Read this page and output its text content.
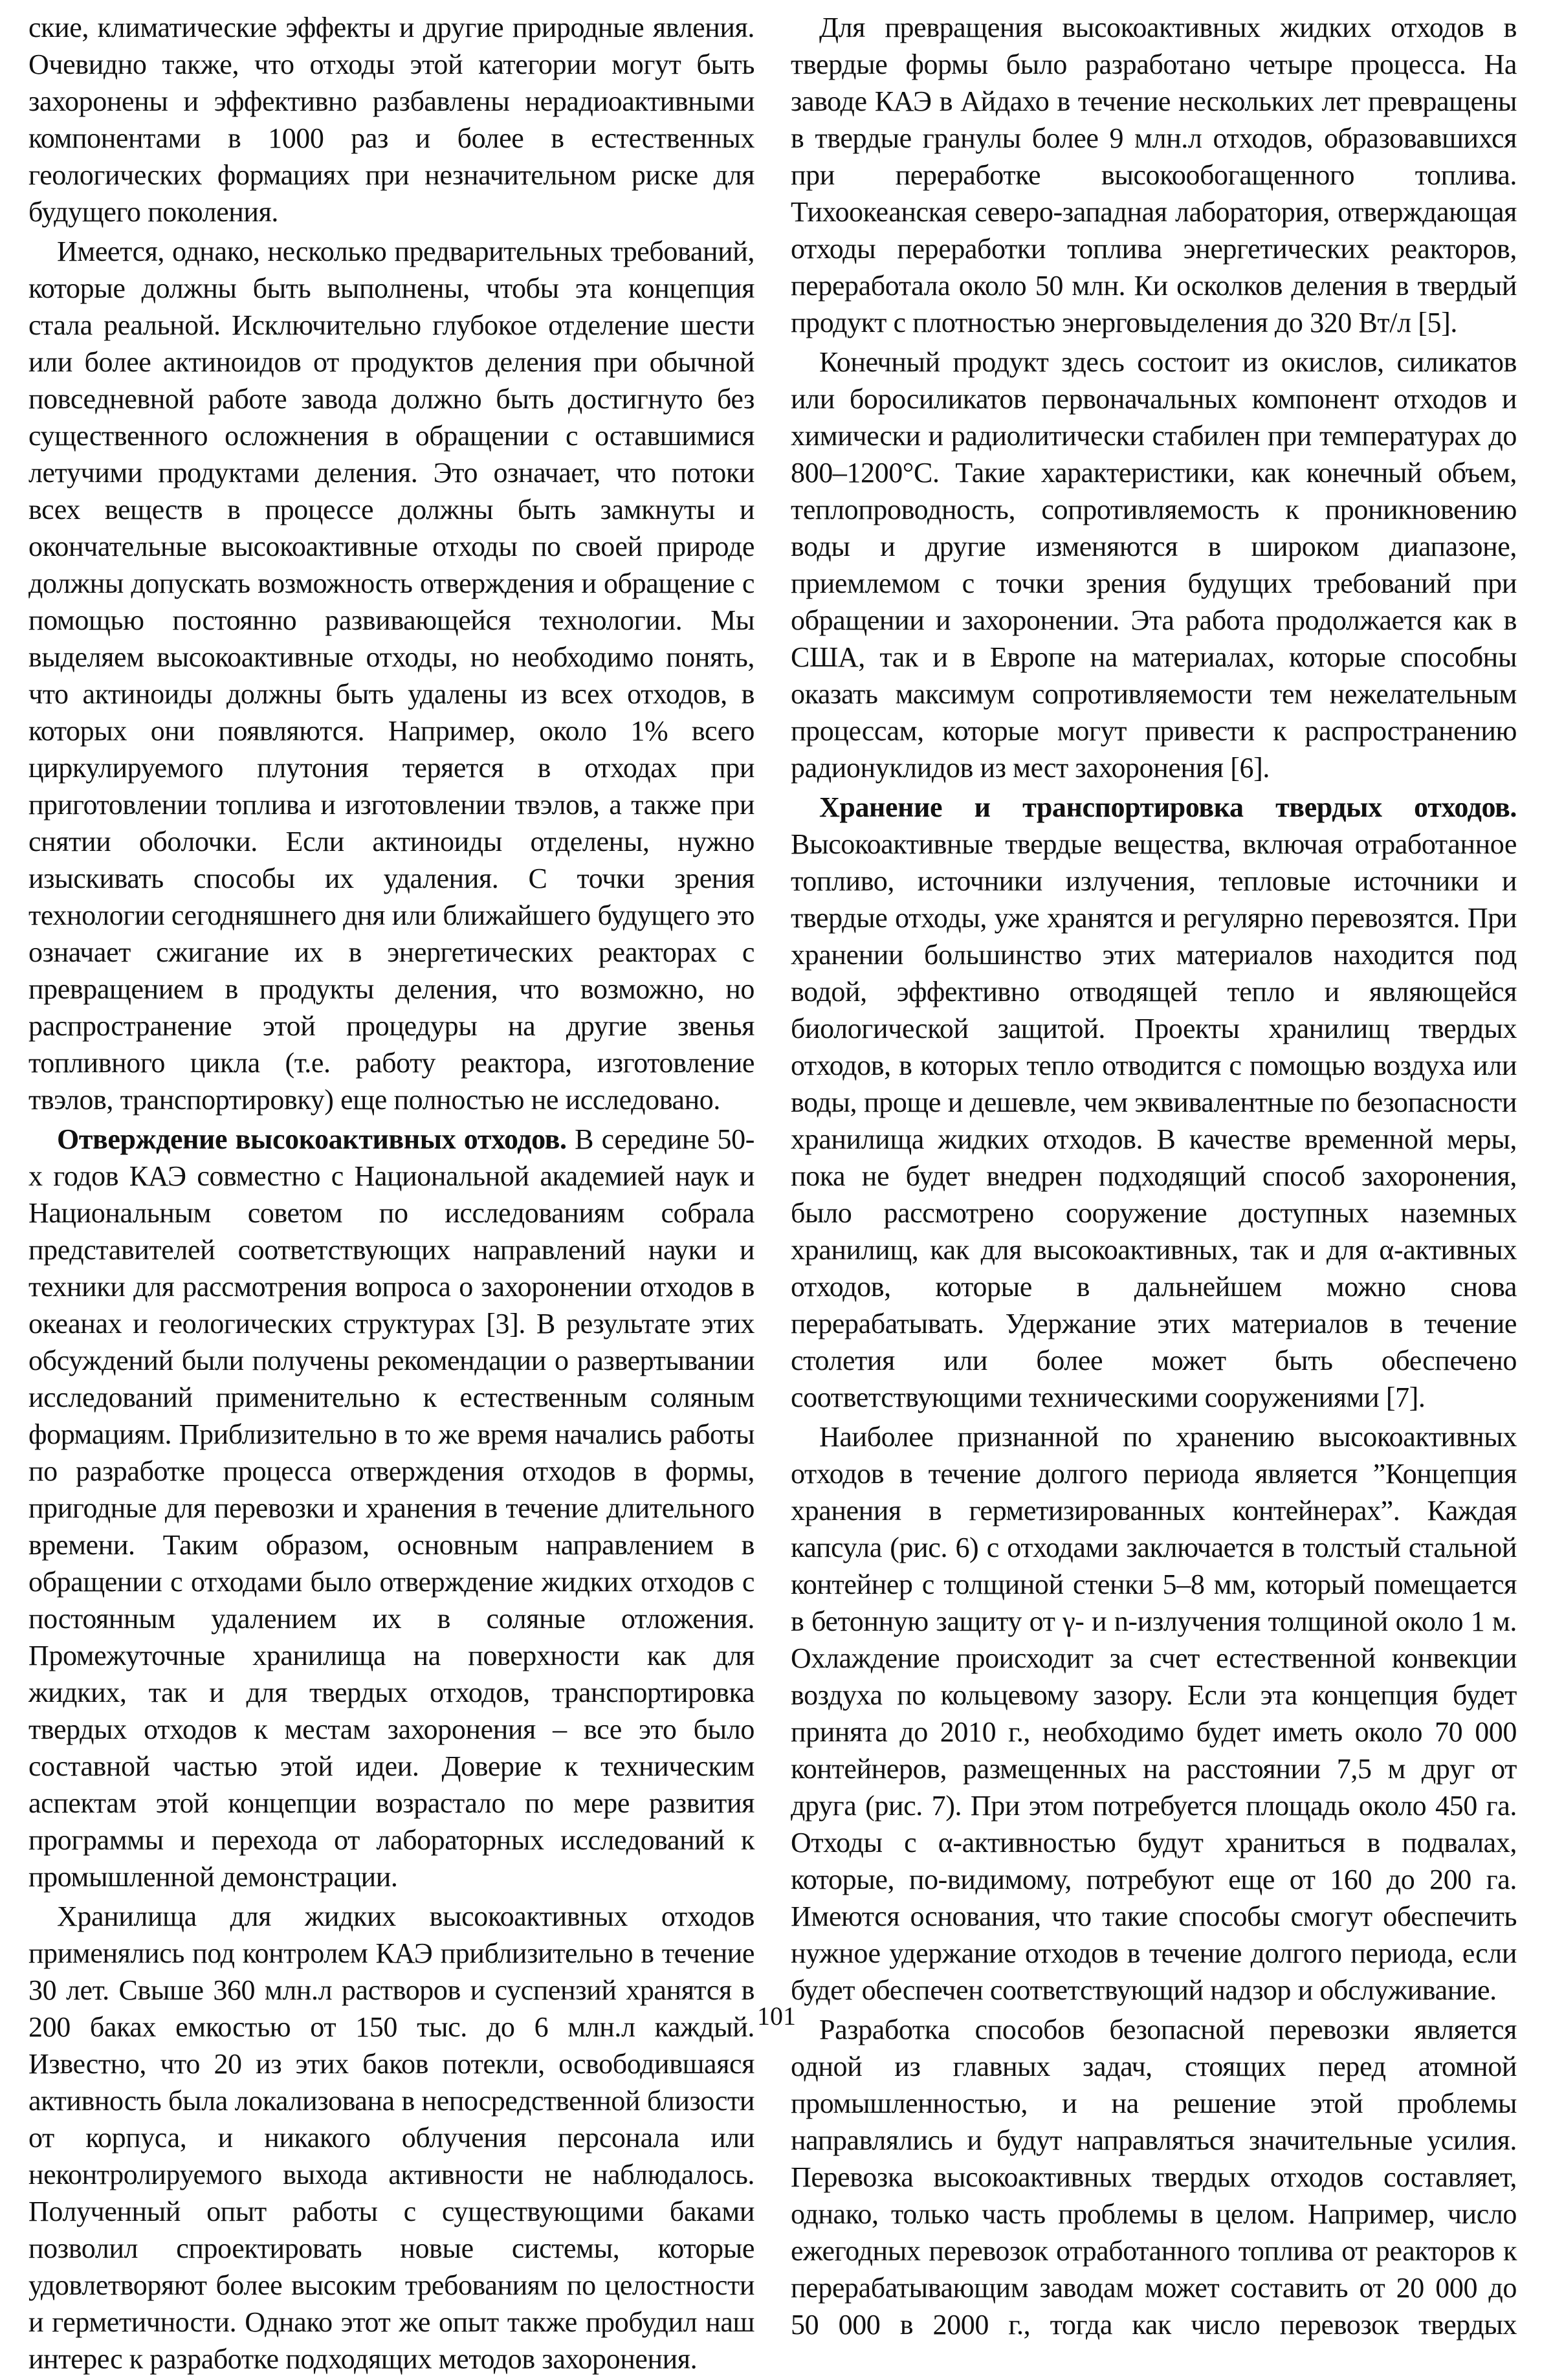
ские, климатические эффекты и другие природные явления. Очевидно также, что отходы этой категории могут быть захоронены и эффективно разбавлены нерадиоактивными компонентами в 1000 раз и более в естественных геологических формациях при незначительном риске для будущего поколения.

Имеется, однако, несколько предварительных требований, которые должны быть выполнены, чтобы эта концепция стала реальной. Исключительно глубокое отделение шести или более актиноидов от продуктов деления при обычной повседневной работе завода должно быть достигнуто без существенного осложнения в обращении с оставшимися летучими продуктами деления. Это означает, что потоки всех веществ в процессе должны быть замкнуты и окончательные высокоактивные отходы по своей природе должны допускать возможность отверждения и обращение с помощью постоянно развивающейся технологии. Мы выделяем высокоактивные отходы, но необходимо понять, что актиноиды должны быть удалены из всех отходов, в которых они появляются. Например, около 1% всего циркулируемого плутония теряется в отходах при приготовлении топлива и изготовлении твэлов, а также при снятии оболочки. Если актиноиды отделены, нужно изыскивать способы их удаления. С точки зрения технологии сегодняшнего дня или ближайшего будущего это означает сжигание их в энергетических реакторах с превращением в продукты деления, что возможно, но распространение этой процедуры на другие звенья топливного цикла (т.е. работу реактора, изготовление твэлов, транспортировку) еще полностью не исследовано.

Отверждение высокоактивных отходов. В середине 50-х годов КАЭ совместно с Национальной академией наук и Национальным советом по исследованиям собрала представителей соответствующих направлений науки и техники для рассмотрения вопроса о захоронении отходов в океанах и геологических структурах [3]. В результате этих обсуждений были получены рекомендации о развертывании исследований применительно к естественным соляным формациям. Приблизительно в то же время начались работы по разработке процесса отверждения отходов в формы, пригодные для перевозки и хранения в течение длительного времени. Таким образом, основным направлением в обращении с отходами было отверждение жидких отходов с постоянным удалением их в соляные отложения. Промежуточные хранилища на поверхности как для жидких, так и для твердых отходов, транспортировка твердых отходов к местам захоронения – все это было составной частью этой идеи. Доверие к техническим аспектам этой концепции возрастало по мере развития программы и перехода от лабораторных исследований к промышленной демонстрации.

Хранилища для жидких высокоактивных отходов применялись под контролем КАЭ приблизительно в течение 30 лет. Свыше 360 млн.л растворов и суспензий хранятся в 200 баках емкостью от 150 тыс. до 6 млн.л каждый. Известно, что 20 из этих баков потекли, освободившаяся активность была локализована в непосредственной близости от корпуса, и никакого облучения персонала или неконтролируемого выхода активности не наблюдалось. Полученный опыт работы с существующими баками позволил спроектировать новые системы, которые удовлетворяют более высоким требованиям по целостности и герметичности. Однако этот же опыт также пробудил наш интерес к разработке подходящих методов захоронения.

Для превращения высокоактивных жидких отходов в твердые формы было разработано четыре процесса. На заводе КАЭ в Айдахо в течение нескольких лет превращены в твердые гранулы более 9 млн.л отходов, образовавшихся при переработке высокообогащенного топлива. Тихоокеанская северо-западная лаборатория, отверждающая отходы переработки топлива энергетических реакторов, переработала около 50 млн. Ки осколков деления в твердый продукт с плотностью энерговыделения до 320 Вт/л [5].

Конечный продукт здесь состоит из окислов, силикатов или боросиликатов первоначальных компонент отходов и химически и радиолитически стабилен при температурах до 800–1200°С. Такие характеристики, как конечный объем, теплопроводность, сопротивляемость к проникновению воды и другие изменяются в широком диапазоне, приемлемом с точки зрения будущих требований при обращении и захоронении. Эта работа продолжается как в США, так и в Европе на материалах, которые способны оказать максимум сопротивляемости тем нежелательным процессам, которые могут привести к распространению радионуклидов из мест захоронения [6].

Хранение и транспортировка твердых отходов. Высокоактивные твердые вещества, включая отработанное топливо, источники излучения, тепловые источники и твердые отходы, уже хранятся и регулярно перевозятся. При хранении большинство этих материалов находится под водой, эффективно отводящей тепло и являющейся биологической защитой. Проекты хранилищ твердых отходов, в которых тепло отводится с помощью воздуха или воды, проще и дешевле, чем эквивалентные по безопасности хранилища жидких отходов. В качестве временной меры, пока не будет внедрен подходящий способ захоронения, было рассмотрено сооружение доступных наземных хранилищ, как для высокоактивных, так и для α-активных отходов, которые в дальнейшем можно снова перерабатывать. Удержание этих материалов в течение столетия или более может быть обеспечено соответствующими техническими сооружениями [7].

Наиболее признанной по хранению высокоактивных отходов в течение долгого периода является ”Концепция хранения в герметизированных контейнерах”. Каждая капсула (рис. 6) с отходами заключается в толстый стальной контейнер с толщиной стенки 5–8 мм, который помещается в бетонную защиту от γ- и n-излучения толщиной около 1 м. Охлаждение происходит за счет естественной конвекции воздуха по кольцевому зазору. Если эта концепция будет принята до 2010 г., необходимо будет иметь около 70 000 контейнеров, размещенных на расстоянии 7,5 м друг от друга (рис. 7). При этом потребуется площадь около 450 га. Отходы с α-активностью будут храниться в подвалах, которые, по-видимому, потребуют еще от 160 до 200 га. Имеются основания, что такие способы смогут обеспечить нужное удержание отходов в течение долгого периода, если будет обеспечен соответствующий надзор и обслуживание.

Разработка способов безопасной перевозки является одной из главных задач, стоящих перед атомной промышленностью, и на решение этой проблемы направлялись и будут направляться значительные усилия. Перевозка высокоактивных твердых отходов составляет, однако, только часть проблемы в целом. Например, число ежегодных перевозок отработанного топлива от реакторов к перерабатывающим заводам может составить от 20 000 до 50 000 в 2000 г., тогда как число перевозок твердых

101
